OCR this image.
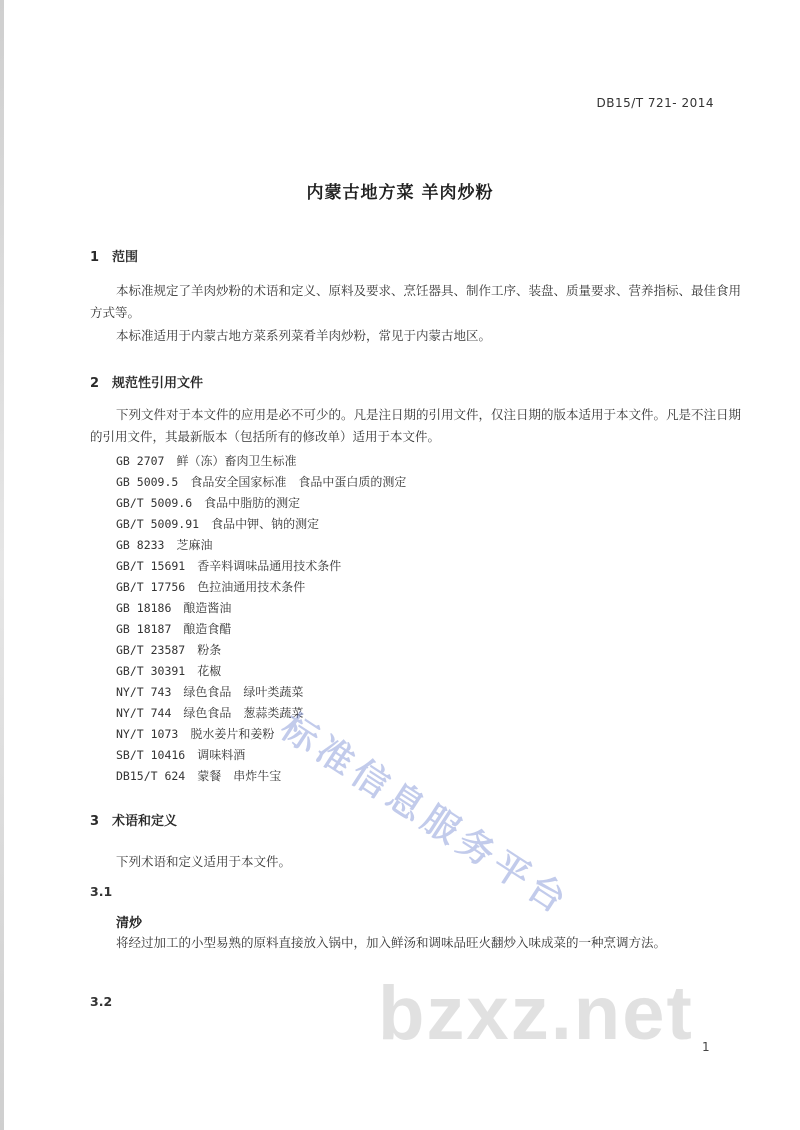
DB15/T 721- 2014
内蒙古地方菜 羊肉炒粉
1 范围
本标准规定了羊肉炒粉的术语和定义、原料及要求、烹饪器具、制作工序、装盘、质量要求、营养指标、最佳食用方式等。
本标准适用于内蒙古地方菜系列菜肴羊肉炒粉，常见于内蒙古地区。
2 规范性引用文件
下列文件对于本文件的应用是必不可少的。凡是注日期的引用文件，仅注日期的版本适用于本文件。凡是不注日期的引用文件，其最新版本（包括所有的修改单）适用于本文件。
GB 2707 鲜（冻）畜肉卫生标准
GB 5009.5 食品安全国家标准　食品中蛋白质的测定
GB/T 5009.6 食品中脂肪的测定
GB/T 5009.91 食品中钾、钠的测定
GB 8233 芝麻油
GB/T 15691 香辛料调味品通用技术条件
GB/T 17756 色拉油通用技术条件
GB 18186 酿造酱油
GB 18187 酿造食醋
GB/T 23587 粉条
GB/T 30391 花椒
NY/T 743 绿色食品　绿叶类蔬菜
NY/T 744 绿色食品　葱蒜类蔬菜
NY/T 1073 脱水姜片和姜粉
SB/T 10416 调味料酒
DB15/T 624 蒙餐　串炸牛宝
3 术语和定义
下列术语和定义适用于本文件。
3.1
清炒
将经过加工的小型易熟的原料直接放入锅中，加入鲜汤和调味品旺火翻炒入味成菜的一种烹调方法。
3.2
1
标准信息服务平台
bzxz.net
